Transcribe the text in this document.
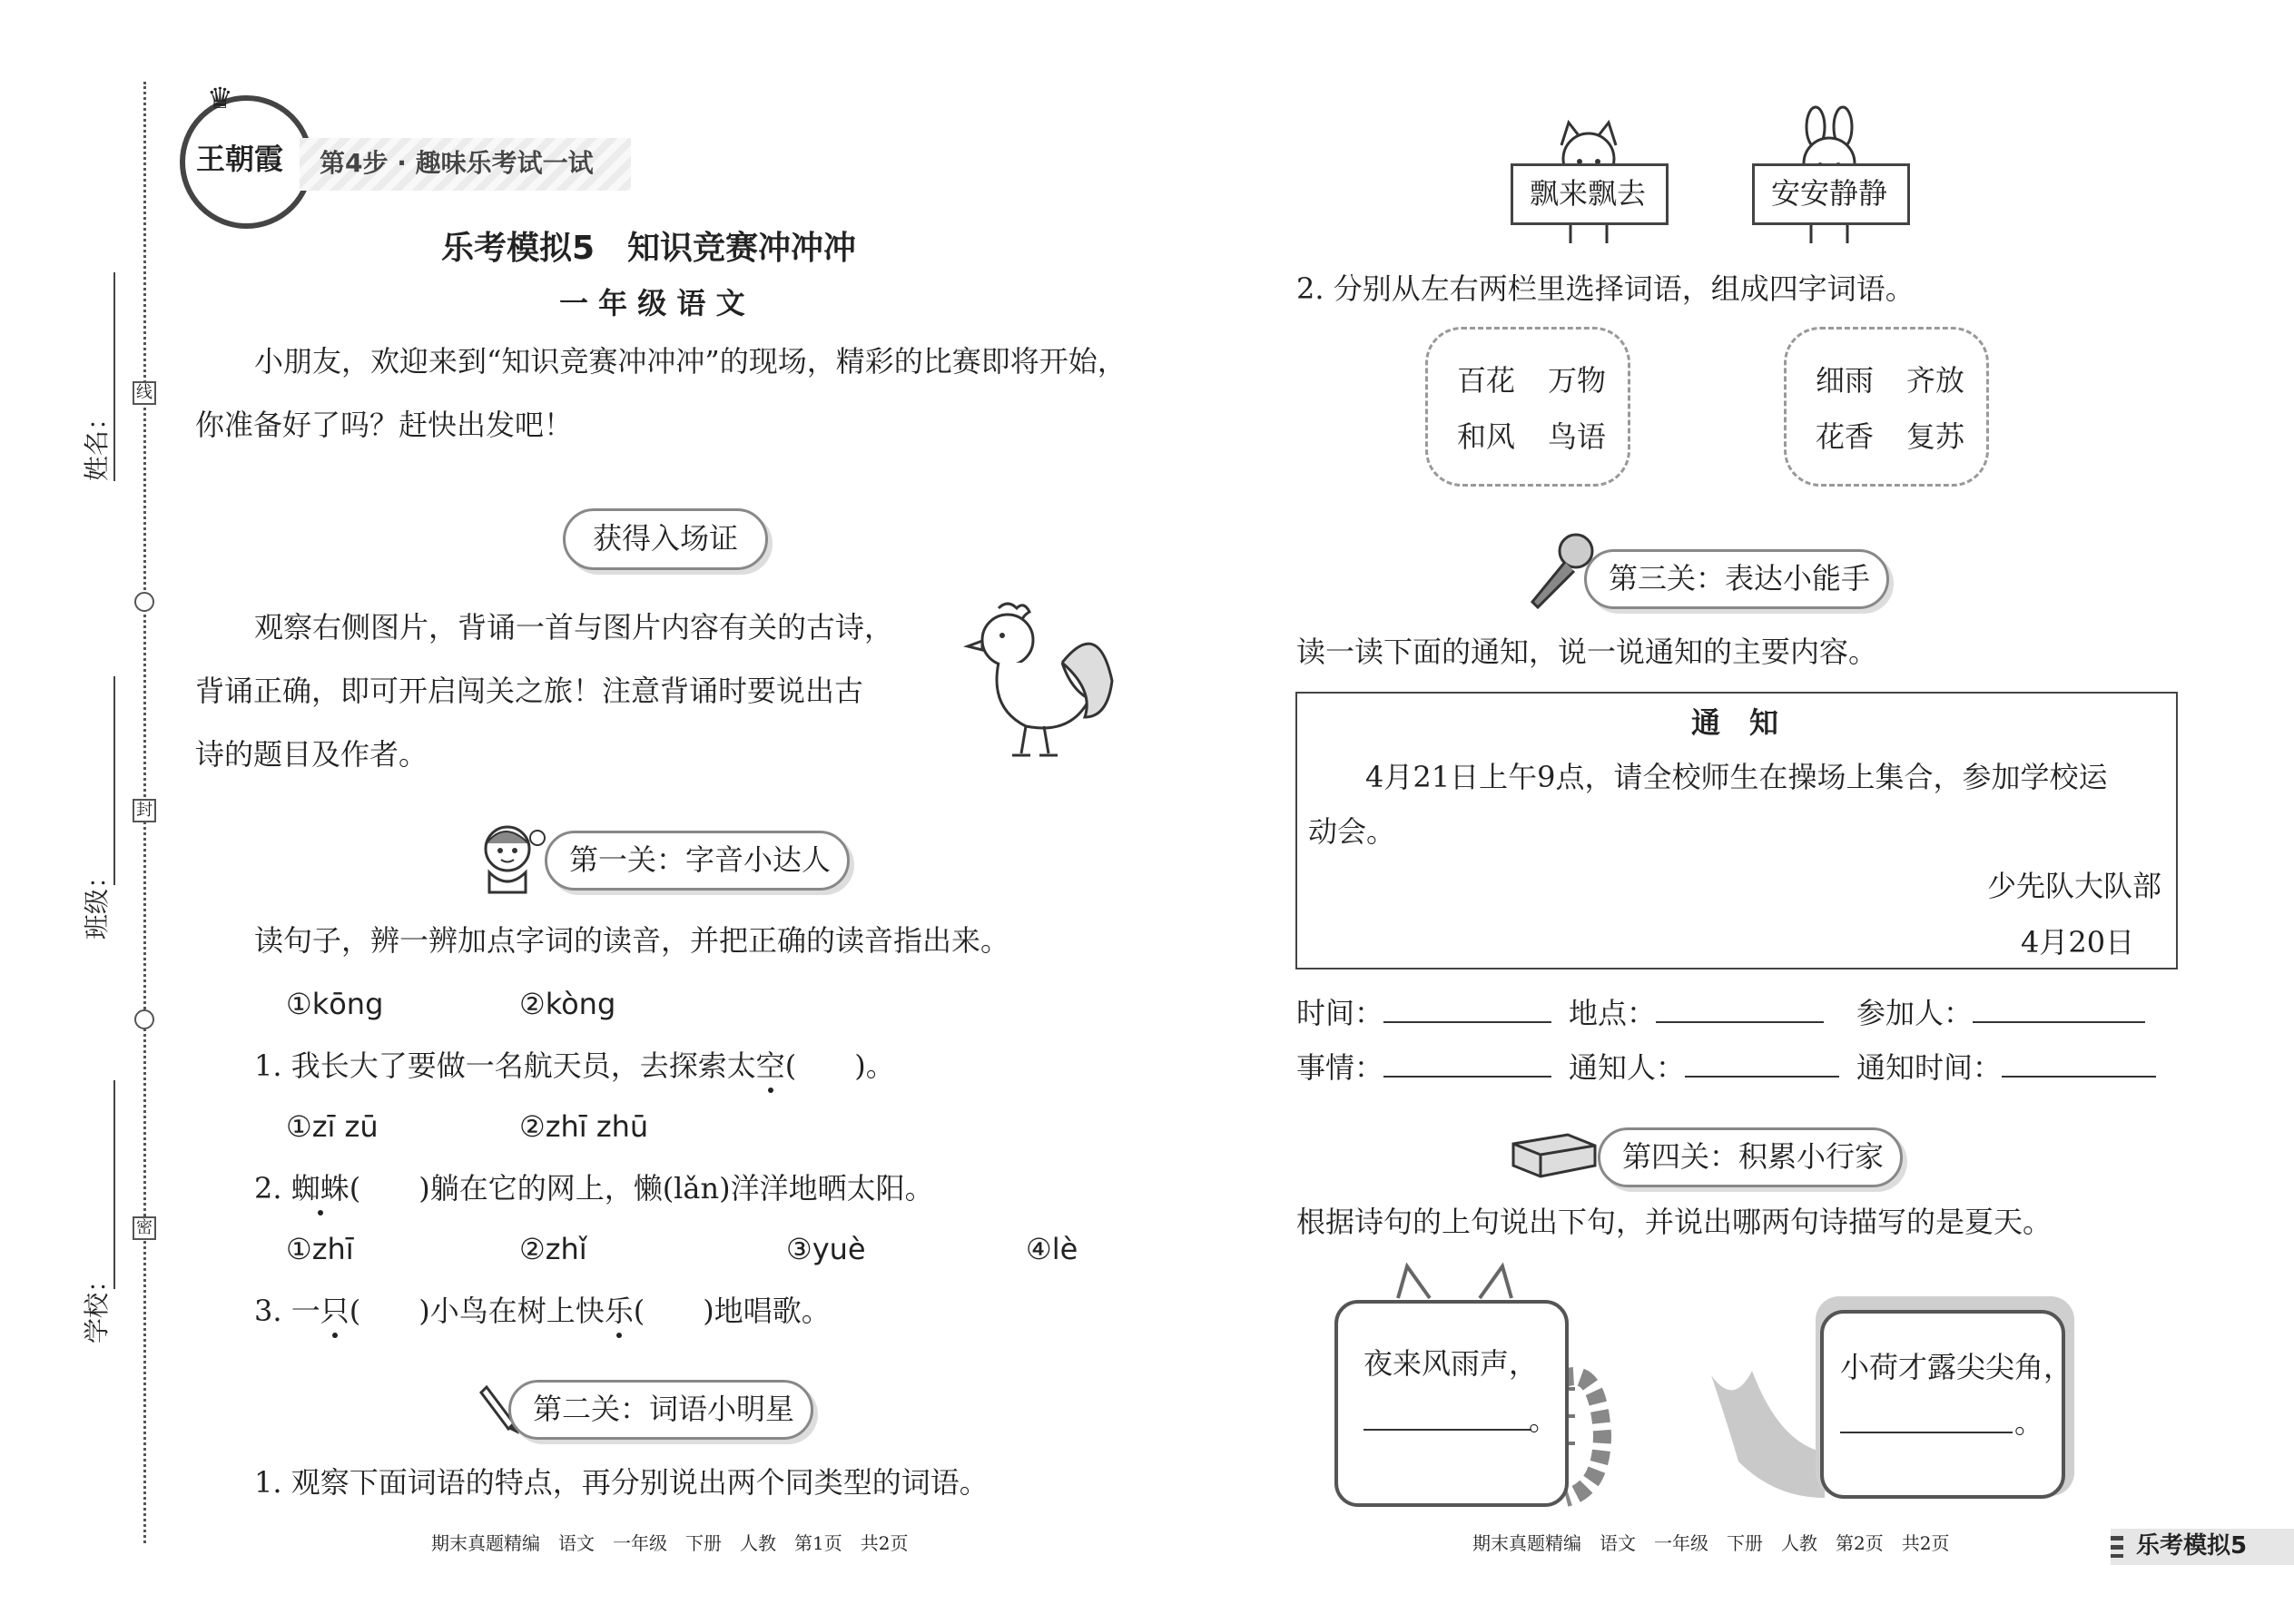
姓名：
班级：
学校：
线
封
密
王朝霞
♛
第4步 · 趣味乐考试一试
乐考模拟5　知识竞赛冲冲冲
一 年 级 语 文
小朋友，欢迎来到“知识竞赛冲冲冲”的现场，精彩的比赛即将开始，
你准备好了吗？赶快出发吧！
获得入场证
观察右侧图片，背诵一首与图片内容有关的古诗，
背诵正确，即可开启闯关之旅！注意背诵时要说出古
诗的题目及作者。
第一关：字音小达人
读句子，辨一辨加点字词的读音，并把正确的读音指出来。
①kōng	②kòng
1. 我长大了要做一名航天员，去探索太空(　　)。
①zī zū	②zhī zhū
2. 蜘蛛(　　)躺在它的网上，懒(lǎn)洋洋地晒太阳。
①zhī	②zhǐ	③yuè	④lè
3. 一只(　　)小鸟在树上快乐(　　)地唱歌。
第二关：词语小明星
1. 观察下面词语的特点，再分别说出两个同类型的词语。
期末真题精编　语文　一年级　下册　人教　第1页　共2页
飘来飘去	安安静静
2. 分别从左右两栏里选择词语，组成四字词语。
百花 万物
和风 鸟语
细雨 齐放
花香 复苏
第三关：表达小能手
读一读下面的通知，说一说通知的主要内容。
通　知
4月21日上午9点，请全校师生在操场上集合，参加学校运
动会。
少先队大队部
4月20日
时间：	地点：	参加人：
事情：	通知人：	通知时间：
第四关：积累小行家
根据诗句的上句说出下句，并说出哪两句诗描写的是夏天。
夜来风雨声，
。
小荷才露尖尖角，
。
期末真题精编　语文　一年级　下册　人教　第2页　共2页	乐考模拟5
